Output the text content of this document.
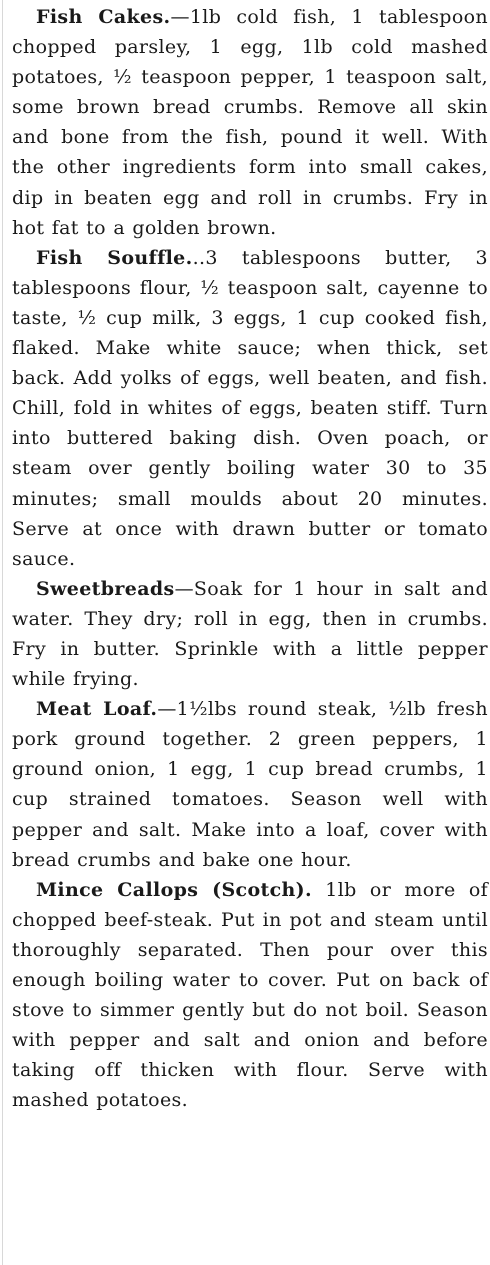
Fish Cakes.—1lb cold fish, 1 tablespoon chopped parsley, 1 egg, 1lb cold mashed potatoes, ½ teaspoon pepper, 1 teaspoon salt, some brown bread crumbs. Remove all skin and bone from the fish, pound it well. With the other ingredients form into small cakes, dip in beaten egg and roll in crumbs. Fry in hot fat to a golden brown.

Fish Souffle...3 tablespoons butter, 3 tablespoons flour, ½ teaspoon salt, cayenne to taste, ½ cup milk, 3 eggs, 1 cup cooked fish, flaked. Make white sauce; when thick, set back. Add yolks of eggs, well beaten, and fish. Chill, fold in whites of eggs, beaten stiff. Turn into buttered baking dish. Oven poach, or steam over gently boiling water 30 to 35 minutes; small moulds about 20 minutes. Serve at once with drawn butter or tomato sauce.

Sweetbreads—Soak for 1 hour in salt and water. They dry; roll in egg, then in crumbs. Fry in butter. Sprinkle with a little pepper while frying.

Meat Loaf.—1½lbs round steak, ½lb fresh pork ground together. 2 green peppers, 1 ground onion, 1 egg, 1 cup bread crumbs, 1 cup strained tomatoes. Season well with pepper and salt. Make into a loaf, cover with bread crumbs and bake one hour.

Mince Callops (Scotch). 1lb or more of chopped beef-steak. Put in pot and steam until thoroughly separated. Then pour over this enough boiling water to cover. Put on back of stove to simmer gently but do not boil. Season with pepper and salt and onion and before taking off thicken with flour. Serve with mashed potatoes.
